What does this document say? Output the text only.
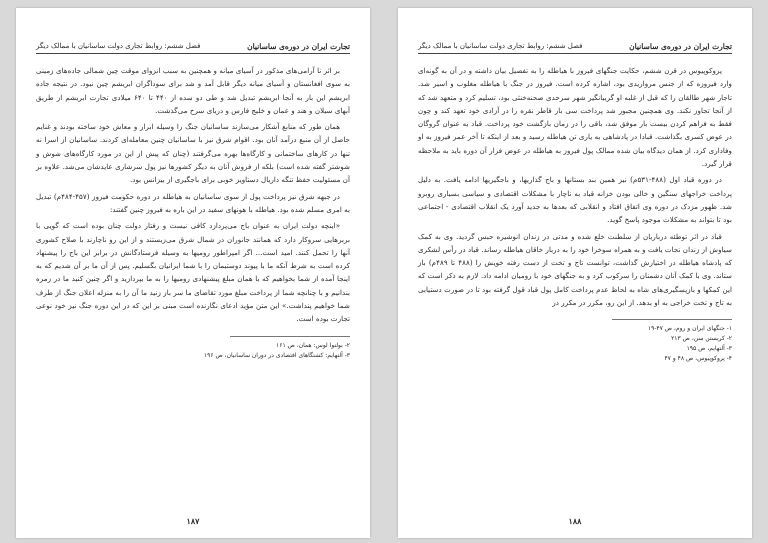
تجارت ایران در دوره‌ی ساسانیان
فصل ششم: روابط تجاری دولت ساسانیان با ممالک دیگر

بر اثر نا آرامی‌های مذکور در آسیای میانه و همچنین به سبب انزوای موقت چین شمالی جاده‌های زمینی به سوی افغانستان و آسیای میانه دیگر قابل آمد و شد برای سوداگران ابریشم چین نبود. در نتیجه جاده ابریشم این بار به آنجا ابریشم تبدیل شد و طی دو سده از ۴۴۰ تا ۶۴۰ میلادی تجارت ابریشم از طریق آبهای سیلان و هند و عمان و خلیج فارس و دریای سرخ می‌گذشت.

همان طور که منابع آشکار می‌سازند ساسانیان جنگ را وسیله ابرار و معاش خود ساخته بودند و غنایم حاصل از آن منبع درآمد آنان بود. اقوام شرق نیز با ساسانیان چنین معامله‌ای کردند. ساسانیان از اسرا نه تنها در کارهای ساختمانی و کارگاه‌ها بهره می‌گرفتند (چنان که پیش از این در مورد کارگاه‌های شوش و شوشتر گفته شده است) بلکه از فروش آنان به دیگر کشورها نیز پول سرشاری عایدشان می‌شد. علاوه بر آن مسئولیت حفظ تنگه داریال دستاویز خوبی برای باجگیری از بیزانس بود.

در جبهه شرق نیز پرداخت پول از سوی ساسانیان به هیاطله در دوره حکومت فیروز (۴۵۷-۴۸۴م) تبدیل به امری مسلم شده بود. هیاطله با هونهای سفید در این باره به فیروز چنین گفتند:

«اینچه دولت ایران به عنوان باج می‌پردازد کافی نیست و رفتار دولت چنان بوده است که گویی با بربرهایی سروکار دارد که همانند جانوران در شمال شرق می‌زیستند و از این رو ناچارند با صلاح کشوری آنها را تحمل کنند. امید است... اگر امپراطور رومیها به وسیله فرستادگانش در برابر این باج را پیشنهاد کرده است به شرط آنکه ما با پیوند دوستیمان را با شما ایرانیان بگسلیم. پس از آن ما بر آن شدیم که به اینجا آمده از شما بخواهیم که با همان مبلغ پیشنهادی رومیها را به ما بپردازید و اگر چنین کنید ما در زمره بندانیم و با چنانچه شما از پرداخت مبلغ مورد تقاضای ما سر باز زنید ما آن را به منزله اعلان جنگ از طرف شما خواهیم پنداشت.» این متن مؤید ادعای نگارنده است مبنی بر این که در این دوره جنگ نیز خود نوعی تجارت بوده است.

۲- بولنوا لوس: همان، ص ۱۶۱
۳- آلتهایم: کشتگاهای اقتصادی در دوران ساسانیان، ص ۱۹۶
۱۸۷
تجارت ایران در دوره‌ی ساسانیان
فصل ششم: روابط تجاری دولت ساسانیان با ممالک دیگر

پروکوپیوس در قرن ششم، حکایت جنگهای فیروز با هیاطله را به تفصیل بیان داشته و در آن به گونه‌ای وارد فیروزه که از جنس مرواریدی بود، اشاره کرده است. فیروز در جنگ با هیاطله مغلوب و اسیر شد. تاجار شهر طالقان را که قبل از غلبه او گریبانگیر شهر سرحدی صحنه‌خنثی بود، تسلیم کرد و متعهد شد که از آنجا تجاوز نکند. وی همچنین مجبور شد پرداخت سی بار قاطر نقره را در آزادی خود تعهد کند و چون فقط به فراهم کردن بیست بار موفق شد، باقی را در زمان بازگشت خود پرداخت. قباد به عنوان گروگان در عوض کسری بگذاشت. قبادا در پادشاهی به یاری تن هیاطله رسید و بعد از اینکه تا آخر عمر فیروز به او وفاداری کرد. از همان دیدگاه بیان شده ممالک پول فیروز به هیاطله در عوض فرار آن دوره باید به ملاحظه قرار گیرد.

در دوره قباد اول (۴۸۸-۵۳۱م) نیز همین بند بستانها و باج گذاریها، و باجگیریها ادامه یافت. به دلیل پرداخت خراجهای سنگین و خالی بودن خزانه قباد به ناچار با مشکلات اقتصادی و سیاسی بسیاری روبرو شد. ظهور مزدک در دوره وی اتفاق افتاد و انقلابی که بعدها به جدید آورد یک انقلاب اقتصادی - اجتماعی بود تا بتواند به مشکلات موجود پاسخ گوید.

قباد در اثر توطئه درباریان از سلطنت خلع شده و مدتی در زندان انوشیره حبس گردید. وی به کمک سیاوش از زندان نجات یافت و به همراه سوخرا خود را به دربار خاقان هیاطله رساند. قباد در رأس لشکری که پادشاه هیاطله در اختیارش گذاشت، توانست تاج و تخت از دست رفته خویش را (۴۸۸ تا ۴۸۹م) باز ستاند. وی با کمک آنان دشمنان را سرکوب کرد و به جنگهای خود با رومیان ادامه داد. لازم به ذکر است که این کمکها و بازپسگیری‌های شاه به لحاظ عدم پرداخت کامل پول قباد قول گرفته بود تا در صورت دستیابی به تاج و تخت خراجی به او بدهد. از این رو، مکرر در مکرر در

۱- جنگهای ایران و روم، ص ۴۷-۱۹
۲- کریستن سن، ص ۲۱۳
۳- آلتهایم، ص ۱۹۵
۴- پروکوپیوس، ص ۴۸ و ۴۷
۱۸۸
